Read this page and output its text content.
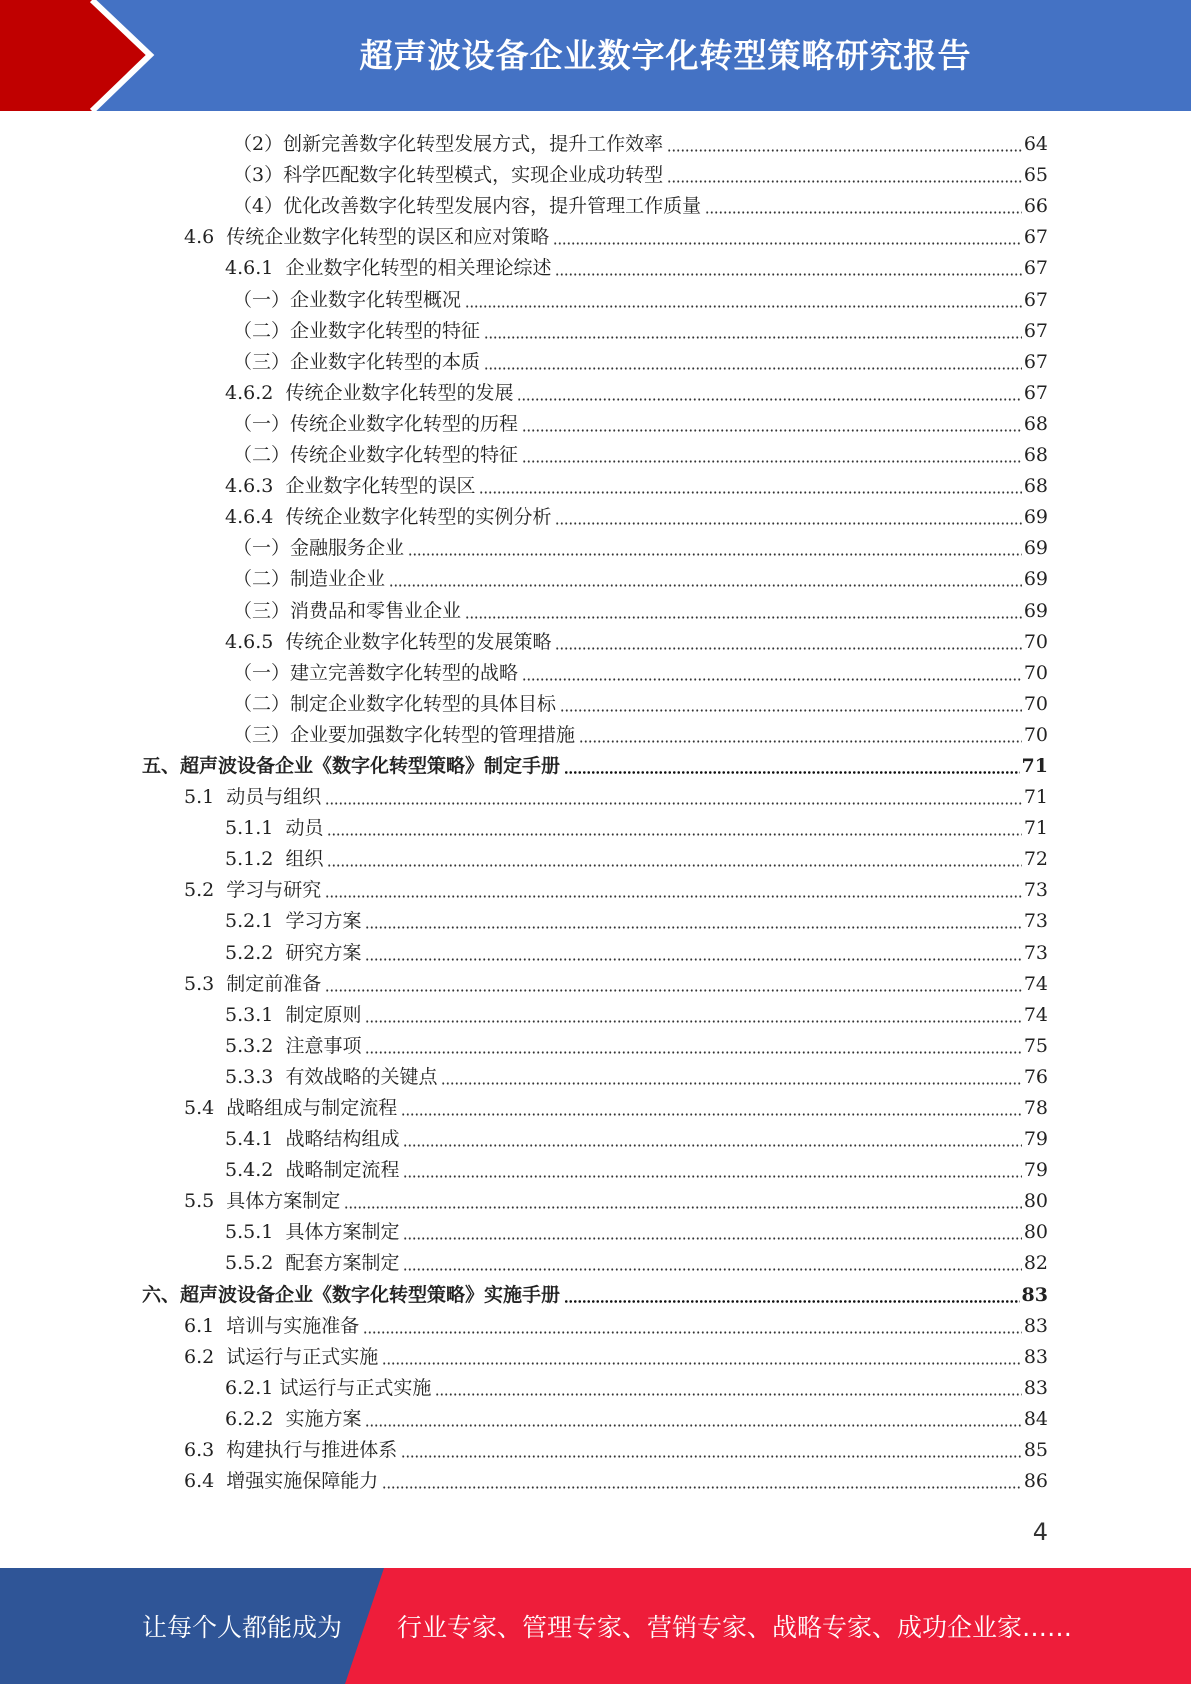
超声波设备企业数字化转型策略研究报告
（2） 创新完善数字化转型发展方式，提升工作效率	64
（3） 科学匹配数字化转型模式，实现企业成功转型	65
（4） 优化改善数字化转型发展内容，提升管理工作质量	66
4.6 传统企业数字化转型的误区和应对策略	67
4.6.1 企业数字化转型的相关理论综述	67
（一） 企业数字化转型概况	67
（二） 企业数字化转型的特征	67
（三） 企业数字化转型的本质	67
4.6.2 传统企业数字化转型的发展	67
（一） 传统企业数字化转型的历程	68
（二） 传统企业数字化转型的特征	68
4.6.3 企业数字化转型的误区	68
4.6.4 传统企业数字化转型的实例分析	69
（一） 金融服务企业	69
（二） 制造业企业	69
（三） 消费品和零售业企业	69
4.6.5 传统企业数字化转型的发展策略	70
（一） 建立完善数字化转型的战略	70
（二） 制定企业数字化转型的具体目标	70
（三） 企业要加强数字化转型的管理措施	70
五、 超声波设备企业《数字化转型策略》制定手册	71
5.1 动员与组织	71
5.1.1 动员	71
5.1.2 组织	72
5.2 学习与研究	73
5.2.1 学习方案	73
5.2.2 研究方案	73
5.3 制定前准备	74
5.3.1 制定原则	74
5.3.2 注意事项	75
5.3.3 有效战略的关键点	76
5.4 战略组成与制定流程	78
5.4.1 战略结构组成	79
5.4.2 战略制定流程	79
5.5 具体方案制定	80
5.5.1 具体方案制定	80
5.5.2 配套方案制定	82
六、 超声波设备企业《数字化转型策略》实施手册	83
6.1 培训与实施准备	83
6.2 试运行与正式实施	83
6.2.1 试运行与正式实施	83
6.2.2 实施方案	84
6.3 构建执行与推进体系	85
6.4 增强实施保障能力	86
4
让每个人都能成为 行业专家、管理专家、营销专家、战略专家、成功企业家……
